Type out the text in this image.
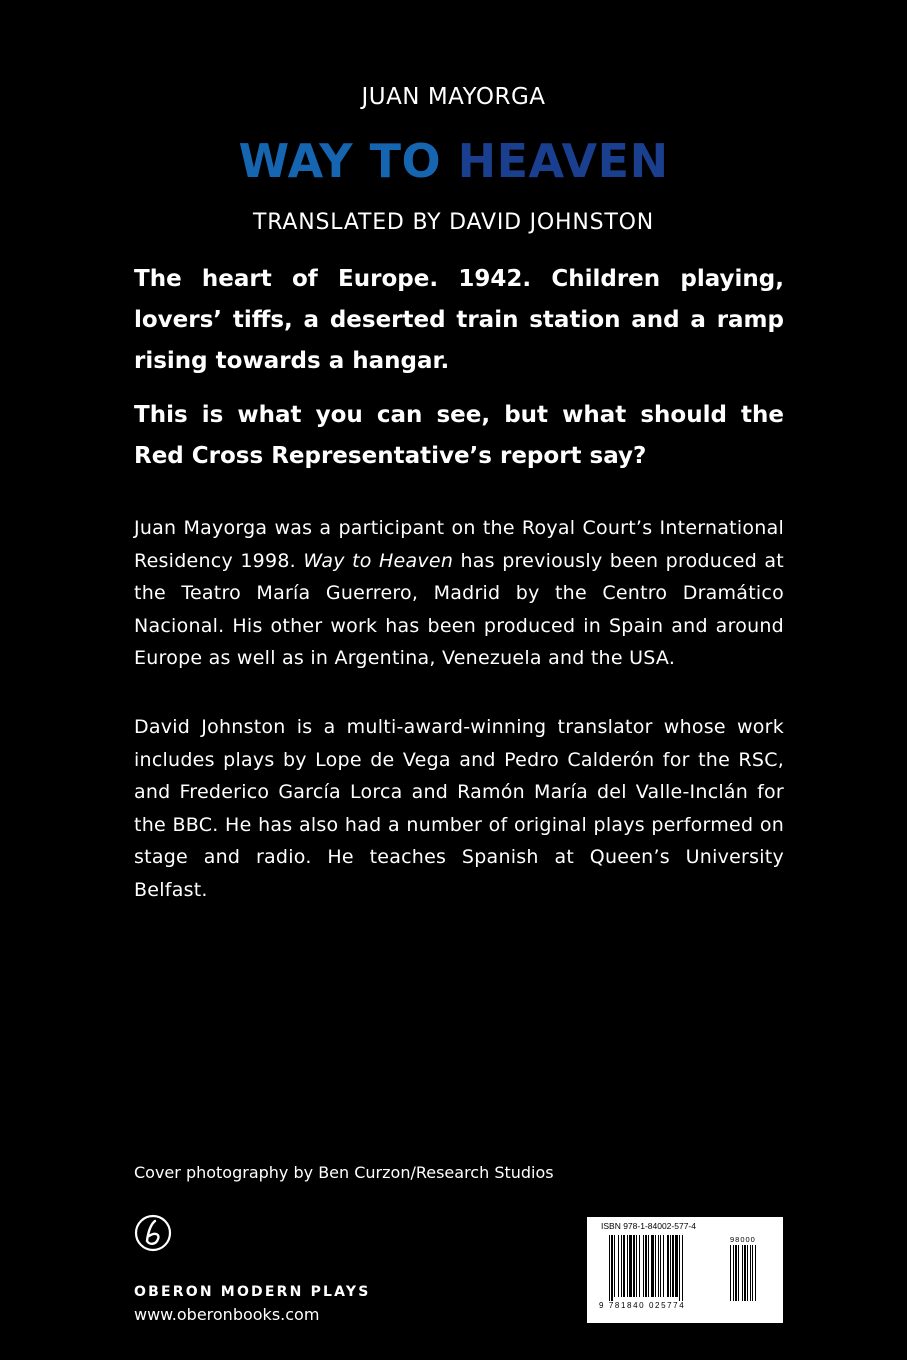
JUAN MAYORGA
WAY TO HEAVEN
TRANSLATED BY DAVID JOHNSTON

The heart of Europe. 1942. Children playing, lovers’ tiffs, a deserted train station and a ramp rising towards a hangar.

This is what you can see, but what should the Red Cross Representative’s report say?

Juan Mayorga was a participant on the Royal Court’s International Residency 1998. Way to Heaven has previously been produced at the Teatro María Guerrero, Madrid by the Centro Dramático Nacional. His other work has been produced in Spain and around Europe as well as in Argentina, Venezuela and the USA.

David Johnston is a multi-award-winning translator whose work includes plays by Lope de Vega and Pedro Calderón for the RSC, and Frederico García Lorca and Ramón María del Valle-Inclán for the BBC. He has also had a number of original plays performed on stage and radio. He teaches Spanish at Queen’s University Belfast.

Cover photography by Ben Curzon/Research Studios
OBERON MODERN PLAYS
www.oberonbooks.com
ISBN 978-1-84002-577-4
98000
9 781840 025774
